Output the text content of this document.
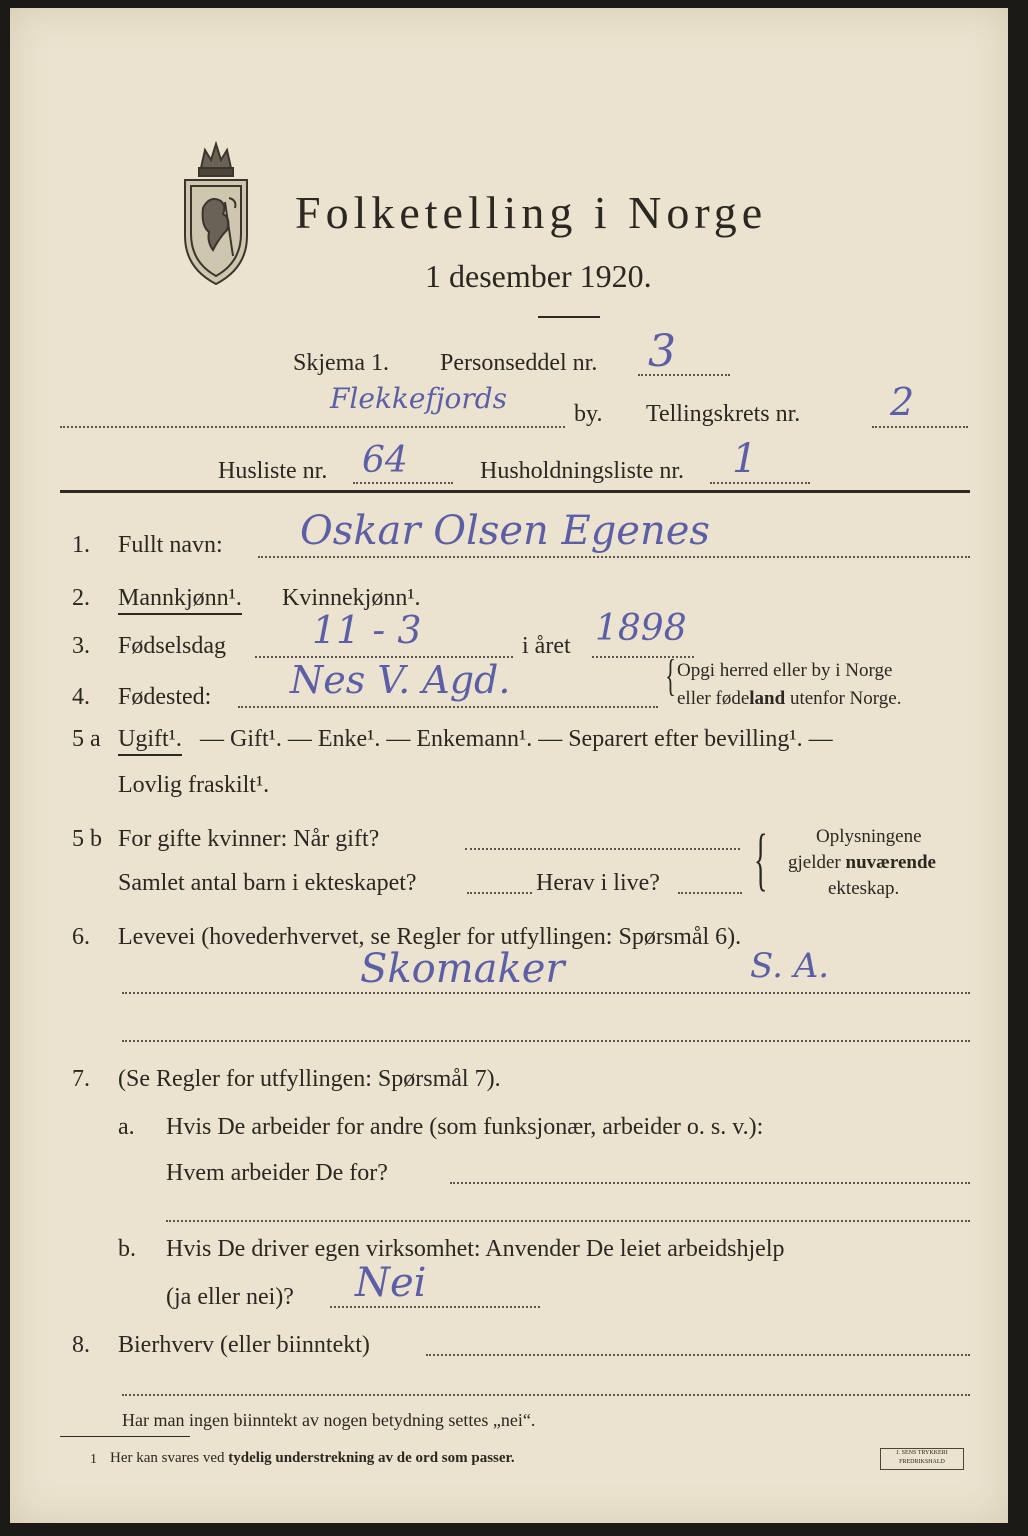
Folketelling i Norge
1 desember 1920.
Skjema 1. Personseddel nr. 3
Flekkefjords	by. Tellingskrets nr. 2
Husliste nr. 64	Husholdningsliste nr. 1
1. Fullt navn: Oskar Olsen Egenes
2. Mannkjønn¹. Kvinnekjønn¹.
3. Fødselsdag 11 - 3	i året 1898
4. Fødested: Nes V. Agd.	{ Opgi herred eller by i Norge
eller fødeland utenfor Norge.
5 a Ugift¹. — Gift¹. — Enke¹. — Enkemann¹. — Separert efter bevilling¹. —
Lovlig fraskilt¹.
5 b For gifte kvinner: Når gift?
Samlet antal barn i ekteskapet?	Herav i live? {	Oplysningene
gjelder nuværende
ekteskap.
6. Levevei (hovederhvervet, se Regler for utfyllingen: Spørsmål 6).
Skomaker	S. A.
7. (Se Regler for utfyllingen: Spørsmål 7).
a. Hvis De arbeider for andre (som funksjonær, arbeider o. s. v.):
Hvem arbeider De for?
b. Hvis De driver egen virksomhet: Anvender De leiet arbeidshjelp
(ja eller nei)? Nei
8. Bierhverv (eller biinntekt)
Har man ingen biinntekt av nogen betydning settes „nei“.
1 Her kan svares ved tydelig understrekning av de ord som passer.	J. SENS TRYKKERI FREDRIKSHALD
